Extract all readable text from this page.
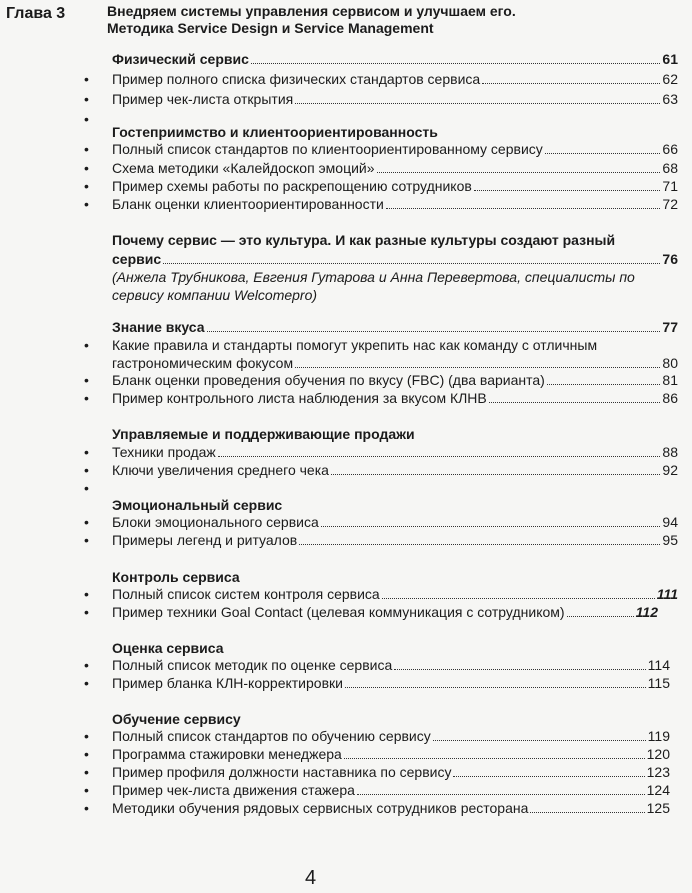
Глава 3	Внедряем системы управления сервисом и улучшаем его.
Методика Service Design и Service Management
Физический сервис	61
• Пример полного списка физических стандартов сервиса	62
• Пример чек-листа открытия	63
•
Гостеприимство и клиентоориентированность
• Полный список стандартов по клиентоориентированному сервису	66
• Схема методики «Калейдоскоп эмоций»	68
• Пример схемы работы по раскрепощению сотрудников	71
• Бланк оценки клиентоориентированности	72
Почему сервис — это культура. И как разные культуры создают разный
сервис	76
(Анжела Трубникова, Евгения Гутарова и Анна Перевертова, специалисты по
сервису компании Welcomepro)
Знание вкуса	77
• Какие правила и стандарты помогут укрепить нас как команду с отличным
гастрономическим фокусом	80
• Бланк оценки проведения обучения по вкусу (FBC) (два варианта)	81
• Пример контрольного листа наблюдения за вкусом КЛНВ	86
Управляемые и поддерживающие продажи
• Техники продаж	88
• Ключи увеличения среднего чека	92
•
Эмоциональный сервис
• Блоки эмоционального сервиса	94
• Примеры легенд и ритуалов	95
Контроль сервиса
• Полный список систем контроля сервиса	111
• Пример техники Goal Contact (целевая коммуникация с сотрудником)	112
Оценка сервиса
• Полный список методик по оценке сервиса	114
• Пример бланка КЛН-корректировки	115
Обучение сервису
• Полный список стандартов по обучению сервису	119
• Программа стажировки менеджера	120
• Пример профиля должности наставника по сервису	123
• Пример чек-листа движения стажера	124
• Методики обучения рядовых сервисных сотрудников ресторана	125
4
